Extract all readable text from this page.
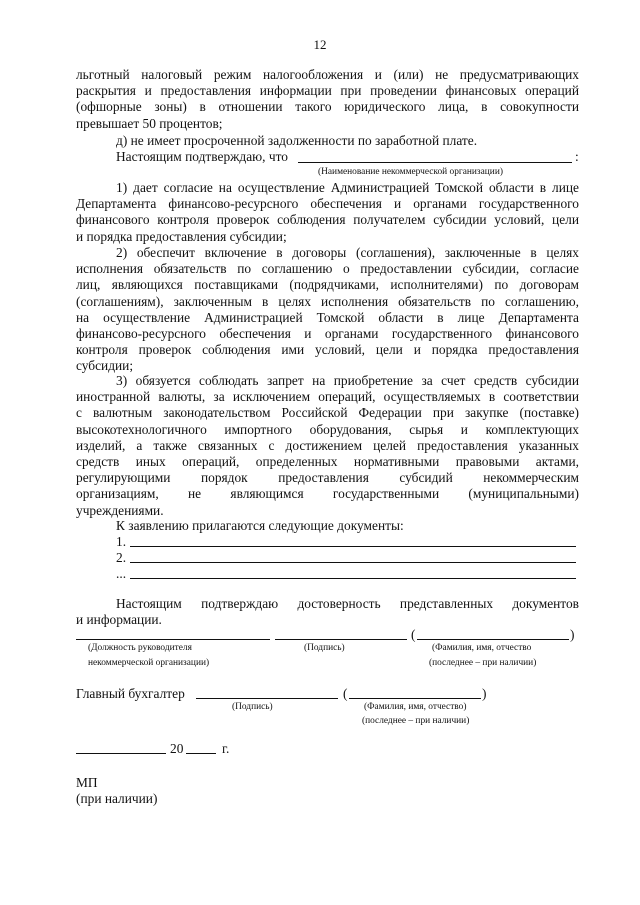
12
льготный налоговый режим налогообложения и (или) не предусматривающих
раскрытия и предоставления информации при проведении финансовых операций
(офшорные зоны) в отношении такого юридического лица, в совокупности
превышает 50 процентов;
д) не имеет просроченной задолженности по заработной плате.
Настоящим подтверждаю, что	:
(Наименование некоммерческой организации)
1) дает согласие на осуществление Администрацией Томской области в лице
Департамента финансово-ресурсного обеспечения и органами государственного
финансового контроля проверок соблюдения получателем субсидии условий, цели
и порядка предоставления субсидии;
2) обеспечит включение в договоры (соглашения), заключенные в целях
исполнения обязательств по соглашению о предоставлении субсидии, согласие
лиц, являющихся поставщиками (подрядчиками, исполнителями) по договорам
(соглашениям), заключенным в целях исполнения обязательств по соглашению,
на осуществление Администрацией Томской области в лице Департамента
финансово-ресурсного обеспечения и органами государственного финансового
контроля проверок соблюдения ими условий, цели и порядка предоставления
субсидии;
3) обязуется соблюдать запрет на приобретение за счет средств субсидии
иностранной валюты, за исключением операций, осуществляемых в соответствии
с валютным законодательством Российской Федерации при закупке (поставке)
высокотехнологичного импортного оборудования, сырья и комплектующих
изделий, а также связанных с достижением целей предоставления указанных
средств иных операций, определенных нормативными правовыми актами,
регулирующими порядок предоставления субсидий некоммерческим
организациям, не являющимся государственными (муниципальными)
учреждениями.
К заявлению прилагаются следующие документы:
1.
2.
...
Настоящим подтверждаю достоверность представленных документов
и информации.
(	)
(Должность руководителя
некоммерческой организации)
(Подпись)	(Фамилия, имя, отчество
(последнее – при наличии)
Главный бухгалтер	(	)
(Подпись)	(Фамилия, имя, отчество)
(последнее – при наличии)
20	г.
МП
(при наличии)
